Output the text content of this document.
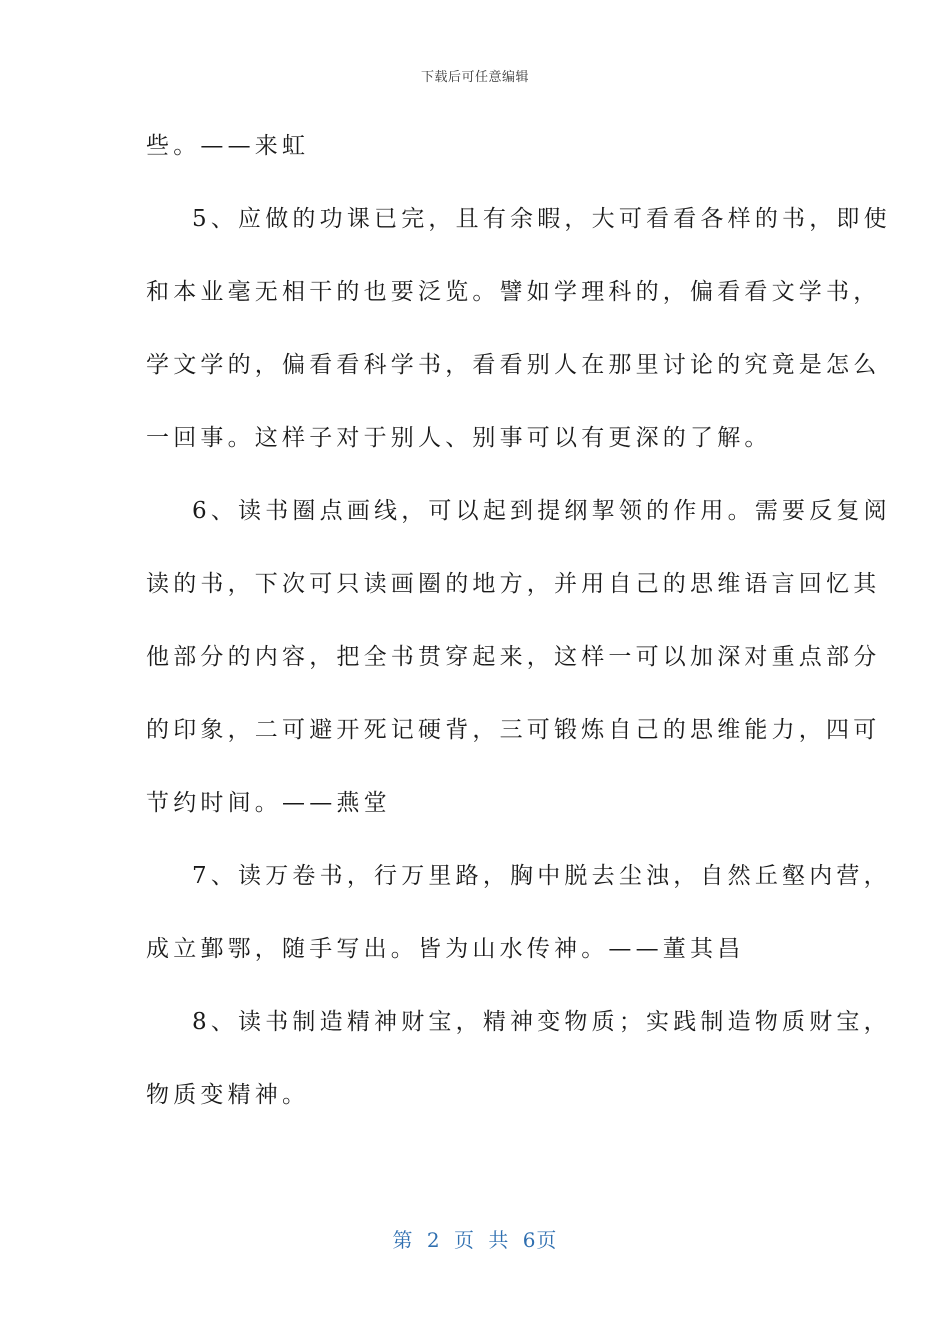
下载后可任意编辑
些。——来虹
5、应做的功课已完，且有余暇，大可看看各样的书，即使
和本业毫无相干的也要泛览。譬如学理科的，偏看看文学书，
学文学的，偏看看科学书，看看别人在那里讨论的究竟是怎么
一回事。这样子对于别人、别事可以有更深的了解。
6、读书圈点画线，可以起到提纲挈领的作用。需要反复阅
读的书，下次可只读画圈的地方，并用自己的思维语言回忆其
他部分的内容，把全书贯穿起来，这样一可以加深对重点部分
的印象，二可避开死记硬背，三可锻炼自己的思维能力，四可
节约时间。——燕堂
7、读万卷书，行万里路，胸中脱去尘浊，自然丘壑内营，
成立鄞鄂，随手写出。皆为山水传神。——董其昌
8、读书制造精神财宝，精神变物质；实践制造物质财宝，
物质变精神。
第 2 页 共 6页
